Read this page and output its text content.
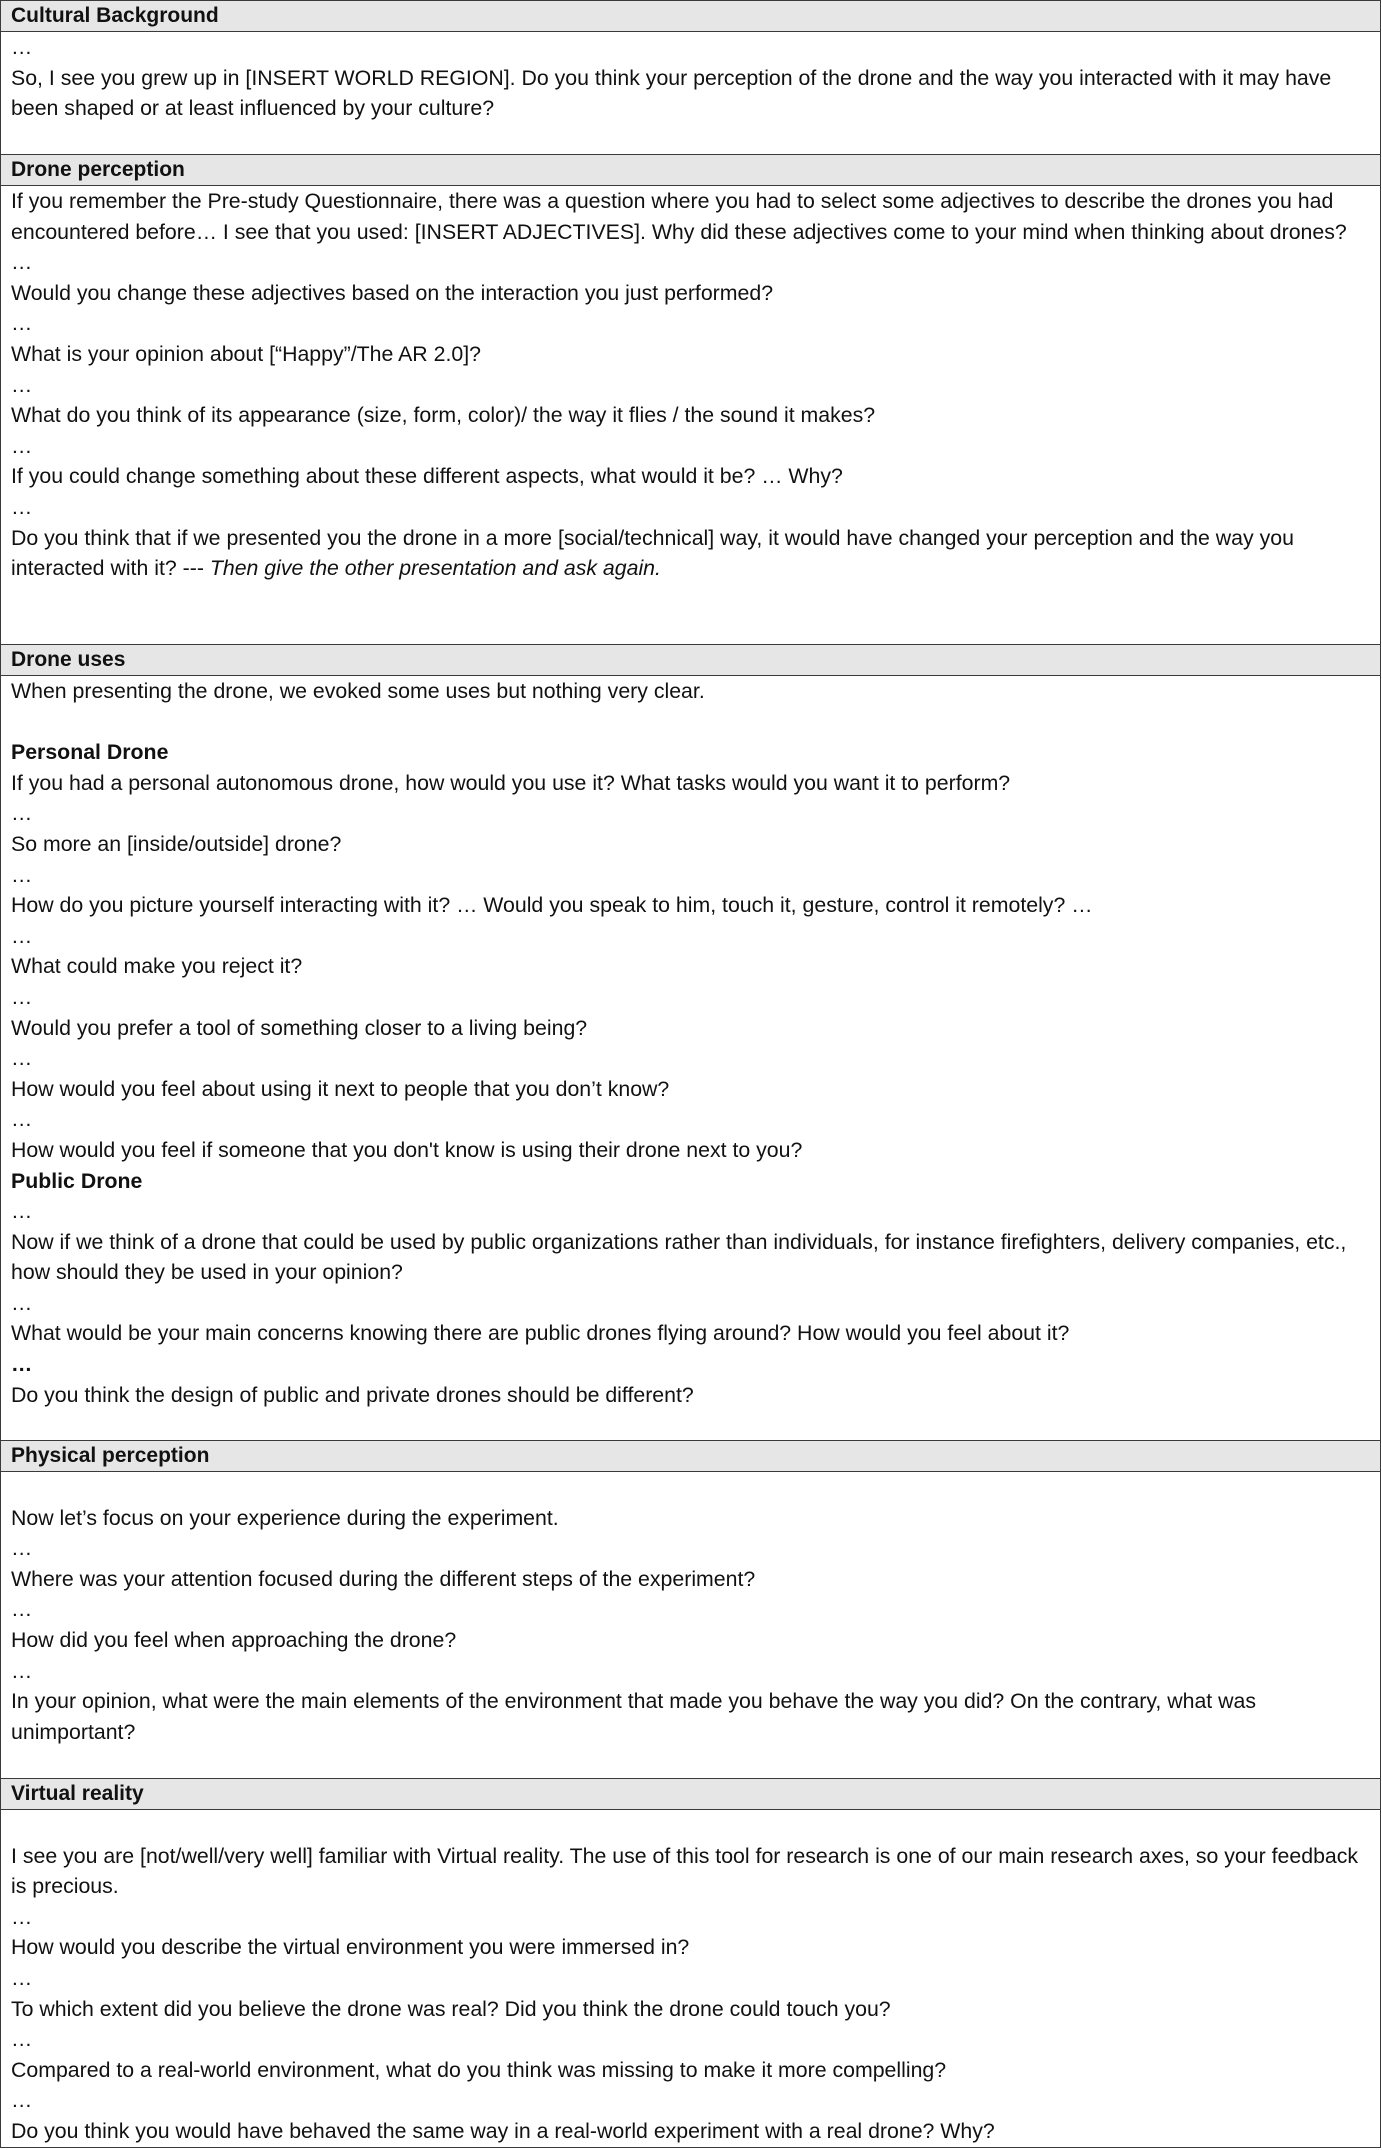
Cultural Background

…
So, I see you grew up in [INSERT WORLD REGION]. Do you think your perception of the drone and the way you interacted with it may have been shaped or at least influenced by your culture?

Drone perception

If you remember the Pre-study Questionnaire, there was a question where you had to select some adjectives to describe the drones you had encountered before… I see that you used: [INSERT ADJECTIVES]. Why did these adjectives come to your mind when thinking about drones?
…
Would you change these adjectives based on the interaction you just performed?
…
What is your opinion about [“Happy”/The AR 2.0]?
…
What do you think of its appearance (size, form, color)/ the way it flies / the sound it makes?
…
If you could change something about these different aspects, what would it be? … Why?
…
Do you think that if we presented you the drone in a more [social/technical] way, it would have changed your perception and the way you interacted with it? --- Then give the other presentation and ask again.

Drone uses

When presenting the drone, we evoked some uses but nothing very clear.
Personal Drone
If you had a personal autonomous drone, how would you use it? What tasks would you want it to perform?
…
So more an [inside/outside] drone?
…
How do you picture yourself interacting with it? … Would you speak to him, touch it, gesture, control it remotely? …
…
What could make you reject it?
…
Would you prefer a tool of something closer to a living being?
…
How would you feel about using it next to people that you don’t know?
…
How would you feel if someone that you don't know is using their drone next to you?
Public Drone
…
Now if we think of a drone that could be used by public organizations rather than individuals, for instance firefighters, delivery companies, etc., how should they be used in your opinion?
…
What would be your main concerns knowing there are public drones flying around? How would you feel about it?
…
Do you think the design of public and private drones should be different?

Physical perception

Now let’s focus on your experience during the experiment.
…
Where was your attention focused during the different steps of the experiment?
…
How did you feel when approaching the drone?
…
In your opinion, what were the main elements of the environment that made you behave the way you did? On the contrary, what was unimportant?

Virtual reality

I see you are [not/well/very well] familiar with Virtual reality. The use of this tool for research is one of our main research axes, so your feedback is precious.
…
How would you describe the virtual environment you were immersed in?
…
To which extent did you believe the drone was real? Did you think the drone could touch you?
…
Compared to a real-world environment, what do you think was missing to make it more compelling?
…
Do you think you would have behaved the same way in a real-world experiment with a real drone? Why?
